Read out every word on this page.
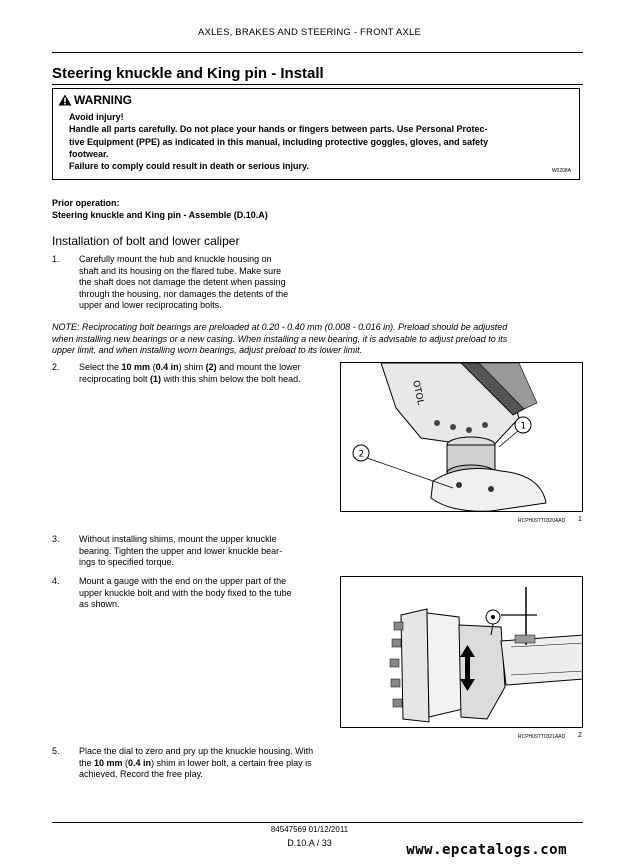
AXLES, BRAKES AND STEERING - FRONT AXLE
Steering knuckle and King pin - Install
WARNING
Avoid injury!
Handle all parts carefully. Do not place your hands or fingers between parts. Use Personal Protec-
tive Equipment (PPE) as indicated in this manual, including protective goggles, gloves, and safety
footwear.
Failure to comply could result in death or serious injury.	W0208A
Prior operation:
Steering knuckle and King pin - Assemble (D.10.A)
Installation of bolt and lower caliper
1. Carefully mount the hub and knuckle housing on
shaft and its housing on the flared tube. Make sure
the shaft does not damage the detent when passing
through the housing, nor damages the detents of the
upper and lower reciprocating bolts.
NOTE: Reciprocating bolt bearings are preloaded at 0.20 - 0.40 mm (0.008 - 0.016 in). Preload should be adjusted
when installing new bearings or a new casing. When installing a new bearing, it is advisable to adjust preload to its
upper limit, and when installing worn bearings, adjust preload to its lower limit.
2. Select the 10 mm (0.4 in) shim (2) and mount the lower reciprocating bolt (1) with this shim below the bolt head.
OTOL
1
2
RCPH09TT0320AAD 1
3. Without installing shims, mount the upper knuckle
bearing. Tighten the upper and lower knuckle bear-
ings to specified torque.
4. Mount a gauge with the end on the upper part of the
upper knuckle bolt and with the body fixed to the tube
as shown.
RCPH09TT0321AAD 2
5. Place the dial to zero and pry up the knuckle housing. With the 10 mm (0.4 in) shim in lower bolt, a certain free play is achieved. Record the free play.
84547569 01/12/2011
D.10.A / 33	www.epcatalogs.com
